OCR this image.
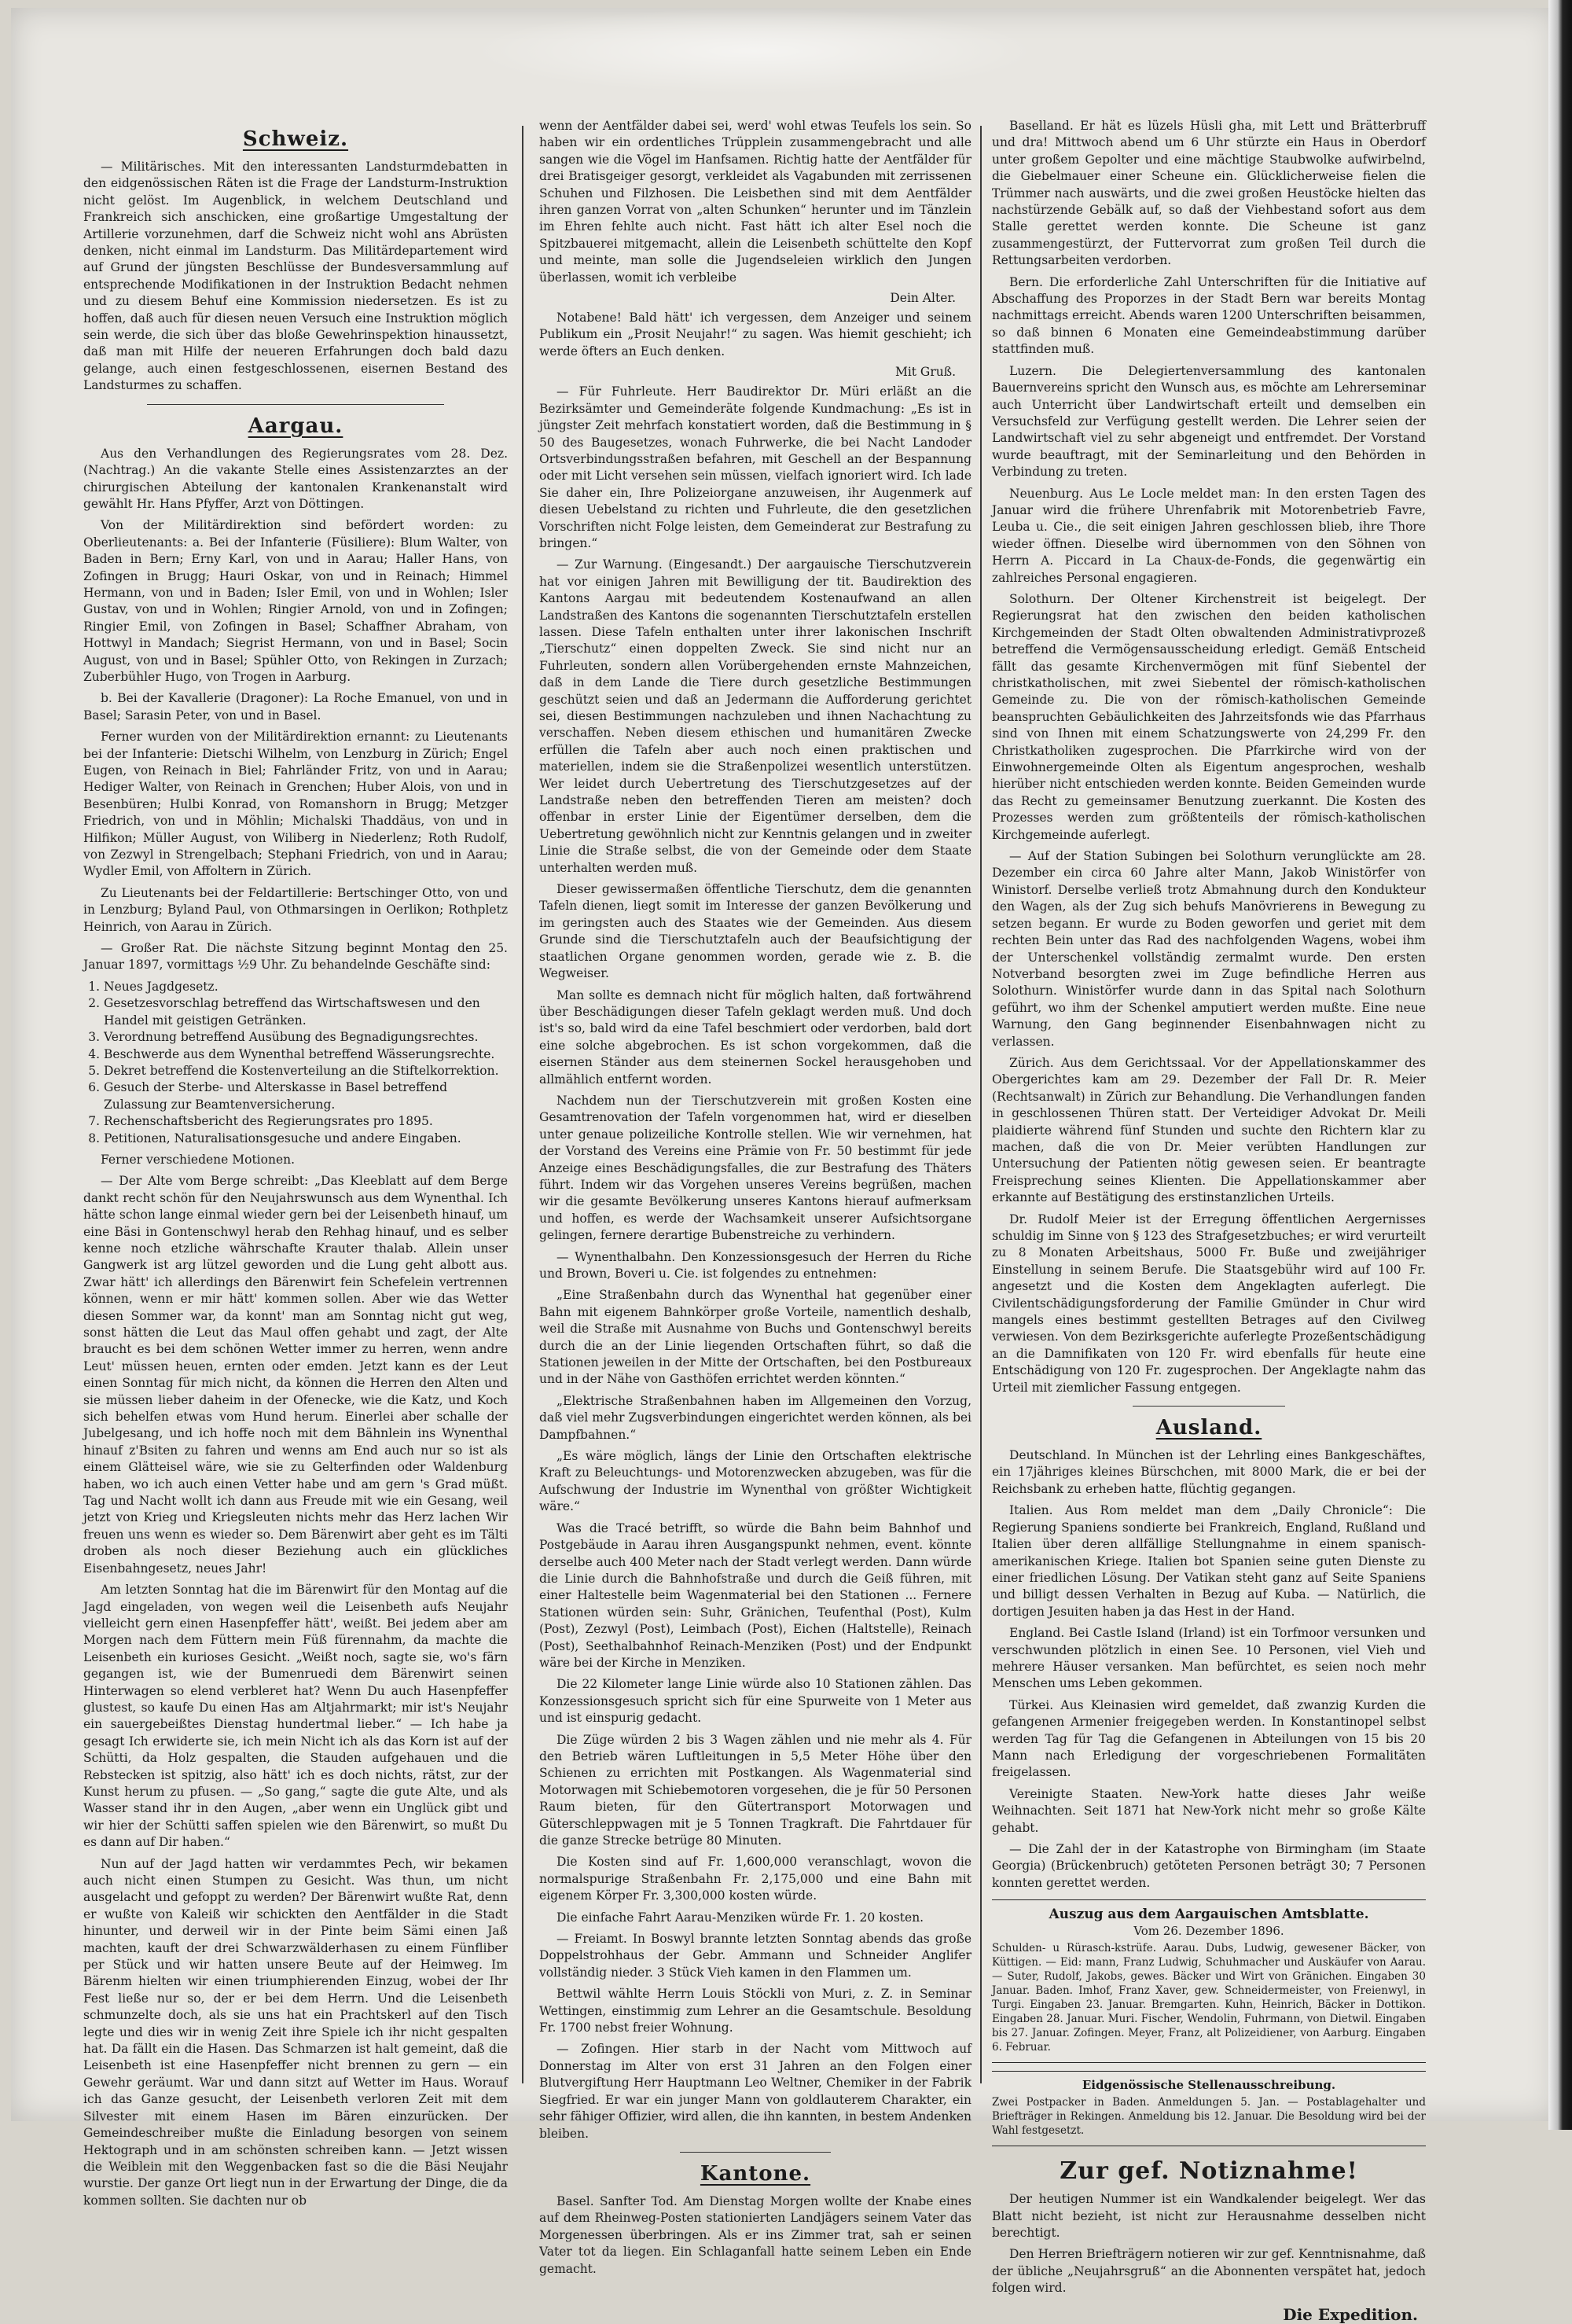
Schweiz.

— Militärisches. Mit den interessanten Landsturmdebatten in den eidgenössischen Räten ist die Frage der Landsturm-Instruktion nicht gelöst. Im Augenblick, in welchem Deutschland und Frankreich sich anschicken, eine großartige Umgestaltung der Artillerie vorzunehmen, darf die Schweiz nicht wohl ans Abrüsten denken, nicht einmal im Landsturm. Das Militärdepartement wird auf Grund der jüngsten Beschlüsse der Bundesversammlung auf entsprechende Modifikationen in der Instruktion Bedacht nehmen und zu diesem Behuf eine Kommission niedersetzen. Es ist zu hoffen, daß auch für diesen neuen Versuch eine Instruktion möglich sein werde, die sich über das bloße Gewehrinspektion hinaussetzt, daß man mit Hilfe der neueren Erfahrungen doch bald dazu gelange, auch einen festgeschlossenen, eisernen Bestand des Landsturmes zu schaffen.

Aargau.

Aus den Verhandlungen des Regierungsrates vom 28. Dez. (Nachtrag.) An die vakante Stelle eines Assistenzarztes an der chirurgischen Abteilung der kantonalen Krankenanstalt wird gewählt Hr. Hans Pfyffer, Arzt von Döttingen.

Von der Militärdirektion sind befördert worden: zu Oberlieutenants: a. Bei der Infanterie (Füsiliere): Blum Walter, von Baden in Bern; Erny Karl, von und in Aarau; Haller Hans, von Zofingen in Brugg; Hauri Oskar, von und in Reinach; Himmel Hermann, von und in Baden; Isler Emil, von und in Wohlen; Isler Gustav, von und in Wohlen; Ringier Arnold, von und in Zofingen; Ringier Emil, von Zofingen in Basel; Schaffner Abraham, von Hottwyl in Mandach; Siegrist Hermann, von und in Basel; Socin August, von und in Basel; Spühler Otto, von Rekingen in Zurzach; Zuberbühler Hugo, von Trogen in Aarburg.

b. Bei der Kavallerie (Dragoner): La Roche Emanuel, von und in Basel; Sarasin Peter, von und in Basel.

Ferner wurden von der Militärdirektion ernannt: zu Lieutenants bei der Infanterie: Dietschi Wilhelm, von Lenzburg in Zürich; Engel Eugen, von Reinach in Biel; Fahrländer Fritz, von und in Aarau; Hediger Walter, von Reinach in Grenchen; Huber Alois, von und in Besenbüren; Hulbi Konrad, von Romanshorn in Brugg; Metzger Friedrich, von und in Möhlin; Michalski Thaddäus, von und in Hilfikon; Müller August, von Wiliberg in Niederlenz; Roth Rudolf, von Zezwyl in Strengelbach; Stephani Friedrich, von und in Aarau; Wydler Emil, von Affoltern in Zürich.

Zu Lieutenants bei der Feldartillerie: Bertschinger Otto, von und in Lenzburg; Byland Paul, von Othmarsingen in Oerlikon; Rothpletz Heinrich, von Aarau in Zürich.

— Großer Rat. Die nächste Sitzung beginnt Montag den 25. Januar 1897, vormittags ½9 Uhr. Zu behandelnde Geschäfte sind:

1. Neues Jagdgesetz.
2. Gesetzesvorschlag betreffend das Wirtschaftswesen und den Handel mit geistigen Getränken.
3. Verordnung betreffend Ausübung des Begnadigungsrechtes.
4. Beschwerde aus dem Wynenthal betreffend Wässerungsrechte.
5. Dekret betreffend die Kostenverteilung an die Stiftelkorrektion.
6. Gesuch der Sterbe- und Alterskasse in Basel betreffend Zulassung zur Beamtenversicherung.
7. Rechenschaftsbericht des Regierungsrates pro 1895.
8. Petitionen, Naturalisationsgesuche und andere Eingaben.

Ferner verschiedene Motionen.

— Der Alte vom Berge schreibt: „Das Kleeblatt auf dem Berge dankt recht schön für den Neujahrswunsch aus dem Wynenthal. Ich hätte schon lange einmal wieder gern bei der Leisenbeth hinauf, um eine Bäsi in Gontenschwyl herab den Rehhag hinauf, und es selber kenne noch etzliche währschafte Krauter thalab. Allein unser Gangwerk ist arg lützel geworden und die Lung geht albott aus. Zwar hätt' ich allerdings den Bärenwirt fein Schefelein vertrennen können, wenn er mir hätt' kommen sollen. Aber wie das Wetter diesen Sommer war, da konnt' man am Sonntag nicht gut weg, sonst hätten die Leut das Maul offen gehabt und zagt, der Alte braucht es bei dem schönen Wetter immer zu herren, wenn andre Leut' müssen heuen, ernten oder emden. Jetzt kann es der Leut einen Sonntag für mich nicht, da können die Herren den Alten und sie müssen lieber daheim in der Ofenecke, wie die Katz, und Koch sich behelfen etwas vom Hund herum. Einerlei aber schalle der Jubelgesang, und ich hoffe noch mit dem Bähnlein ins Wynenthal hinauf z'Bsiten zu fahren und wenns am End auch nur so ist als einem Glätteisel wäre, wie sie zu Gelterfinden oder Waldenburg haben, wo ich auch einen Vetter habe und am gern 's Grad müßt. Tag und Nacht wollt ich dann aus Freude mit wie ein Gesang, weil jetzt von Krieg und Kriegsleuten nichts mehr das Herz lachen Wir freuen uns wenn es wieder so. Dem Bärenwirt aber geht es im Tälti droben als noch dieser Beziehung auch ein glückliches Eisenbahngesetz, neues Jahr!

Am letzten Sonntag hat die im Bärenwirt für den Montag auf die Jagd eingeladen, von wegen weil die Leisenbeth aufs Neujahr vielleicht gern einen Hasenpfeffer hätt', weißt. Bei jedem aber am Morgen nach dem Füttern mein Füß fürennahm, da machte die Leisenbeth ein kurioses Gesicht. „Weißt noch, sagte sie, wo's färn gegangen ist, wie der Bumenruedi dem Bärenwirt seinen Hinterwagen so elend verbleret hat? Wenn Du auch Hasenpfeffer glustest, so kaufe Du einen Has am Altjahrmarkt; mir ist's Neujahr ein sauergebeißtes Dienstag hundertmal lieber.“ — Ich habe ja gesagt Ich erwiderte sie, ich mein Nicht ich als das Korn ist auf der Schütti, da Holz gespalten, die Stauden aufgehauen und die Rebstecken ist spitzig, also hätt' ich es doch nichts, rätst, zur der Kunst herum zu pfusen. — „So gang,“ sagte die gute Alte, und als Wasser stand ihr in den Augen, „aber wenn ein Unglück gibt und wir hier der Schütti saffen spielen wie den Bärenwirt, so mußt Du es dann auf Dir haben.“

Nun auf der Jagd hatten wir verdammtes Pech, wir bekamen auch nicht einen Stumpen zu Gesicht. Was thun, um nicht ausgelacht und gefoppt zu werden? Der Bärenwirt wußte Rat, denn er wußte von Kaleiß wir schickten den Aentfälder in die Stadt hinunter, und derweil wir in der Pinte beim Sämi einen Jaß machten, kauft der drei Schwarzwälderhasen zu einem Fünfliber per Stück und wir hatten unsere Beute auf der Heimweg. Im Bärenm hielten wir einen triumphierenden Einzug, wobei der Ihr Fest ließe nur so, der er bei dem Herrn. Und die Leisenbeth schmunzelte doch, als sie uns hat ein Prachtskerl auf den Tisch legte und dies wir in wenig Zeit ihre Spiele ich ihr nicht gespalten hat. Da fällt ein die Hasen. Das Schmarzen ist halt gemeint, daß die Leisenbeth ist eine Hasenpfeffer nicht brennen zu gern — ein Gewehr geräumt. War und dann sitzt auf Wetter im Haus. Worauf ich das Ganze gesucht, der Leisenbeth verloren Zeit mit dem Silvester mit einem Hasen im Bären einzurücken. Der Gemeindeschreiber mußte die Einladung besorgen von seinem Hektograph und in am schönsten schreiben kann. — Jetzt wissen die Weiblein mit den Weggenbacken fast so die die Bäsi Neujahr wurstie. Der ganze Ort liegt nun in der Erwartung der Dinge, die da kommen sollten. Sie dachten nur ob

wenn der Aentfälder dabei sei, werd' wohl etwas Teufels los sein. So haben wir ein ordentliches Trüpplein zusammengebracht und alle sangen wie die Vögel im Hanfsamen. Richtig hatte der Aentfälder für drei Bratisgeiger gesorgt, verkleidet als Vagabunden mit zerrissenen Schuhen und Filzhosen. Die Leisbethen sind mit dem Aentfälder ihren ganzen Vorrat von „alten Schunken“ herunter und im Tänzlein im Ehren fehlte auch nicht. Fast hätt ich alter Esel noch die Spitzbauerei mitgemacht, allein die Leisenbeth schüttelte den Kopf und meinte, man solle die Jugendseleien wirklich den Jungen überlassen, womit ich verbleibe

Dein Alter.

Notabene! Bald hätt' ich vergessen, dem Anzeiger und seinem Publikum ein „Prosit Neujahr!“ zu sagen. Was hiemit geschieht; ich werde öfters an Euch denken.

Mit Gruß.

— Für Fuhrleute. Herr Baudirektor Dr. Müri erläßt an die Bezirksämter und Gemeinderäte folgende Kundmachung: „Es ist in jüngster Zeit mehrfach konstatiert worden, daß die Bestimmung in § 50 des Baugesetzes, wonach Fuhrwerke, die bei Nacht Landoder Ortsverbindungsstraßen befahren, mit Geschell an der Bespannung oder mit Licht versehen sein müssen, vielfach ignoriert wird. Ich lade Sie daher ein, Ihre Polizeiorgane anzuweisen, ihr Augenmerk auf diesen Uebelstand zu richten und Fuhrleute, die den gesetzlichen Vorschriften nicht Folge leisten, dem Gemeinderat zur Bestrafung zu bringen.“

— Zur Warnung. (Eingesandt.) Der aargauische Tierschutzverein hat vor einigen Jahren mit Bewilligung der tit. Baudirektion des Kantons Aargau mit bedeutendem Kostenaufwand an allen Landstraßen des Kantons die sogenannten Tierschutztafeln erstellen lassen. Diese Tafeln enthalten unter ihrer lakonischen Inschrift „Tierschutz“ einen doppelten Zweck. Sie sind nicht nur an Fuhrleuten, sondern allen Vorübergehenden ernste Mahnzeichen, daß in dem Lande die Tiere durch gesetzliche Bestimmungen geschützt seien und daß an Jedermann die Aufforderung gerichtet sei, diesen Bestimmungen nachzuleben und ihnen Nachachtung zu verschaffen. Neben diesem ethischen und humanitären Zwecke erfüllen die Tafeln aber auch noch einen praktischen und materiellen, indem sie die Straßenpolizei wesentlich unterstützen. Wer leidet durch Uebertretung des Tierschutzgesetzes auf der Landstraße neben den betreffenden Tieren am meisten? doch offenbar in erster Linie der Eigentümer derselben, dem die Uebertretung gewöhnlich nicht zur Kenntnis gelangen und in zweiter Linie die Straße selbst, die von der Gemeinde oder dem Staate unterhalten werden muß.

Dieser gewissermaßen öffentliche Tierschutz, dem die genannten Tafeln dienen, liegt somit im Interesse der ganzen Bevölkerung und im geringsten auch des Staates wie der Gemeinden. Aus diesem Grunde sind die Tierschutztafeln auch der Beaufsichtigung der staatlichen Organe genommen worden, gerade wie z. B. die Wegweiser.

Man sollte es demnach nicht für möglich halten, daß fortwährend über Beschädigungen dieser Tafeln geklagt werden muß. Und doch ist's so, bald wird da eine Tafel beschmiert oder verdorben, bald dort eine solche abgebrochen. Es ist schon vorgekommen, daß die eisernen Ständer aus dem steinernen Sockel herausgehoben und allmählich entfernt worden.

Nachdem nun der Tierschutzverein mit großen Kosten eine Gesamtrenovation der Tafeln vorgenommen hat, wird er dieselben unter genaue polizeiliche Kontrolle stellen. Wie wir vernehmen, hat der Vorstand des Vereins eine Prämie von Fr. 50 bestimmt für jede Anzeige eines Beschädigungsfalles, die zur Bestrafung des Thäters führt. Indem wir das Vorgehen unseres Vereins begrüßen, machen wir die gesamte Bevölkerung unseres Kantons hierauf aufmerksam und hoffen, es werde der Wachsamkeit unserer Aufsichtsorgane gelingen, fernere derartige Bubenstreiche zu verhindern.

— Wynenthalbahn. Den Konzessionsgesuch der Herren du Riche und Brown, Boveri u. Cie. ist folgendes zu entnehmen:

„Eine Straßenbahn durch das Wynenthal hat gegenüber einer Bahn mit eigenem Bahnkörper große Vorteile, namentlich deshalb, weil die Straße mit Ausnahme von Buchs und Gontenschwyl bereits durch die an der Linie liegenden Ortschaften führt, so daß die Stationen jeweilen in der Mitte der Ortschaften, bei den Postbureaux und in der Nähe von Gasthöfen errichtet werden könnten.“

„Elektrische Straßenbahnen haben im Allgemeinen den Vorzug, daß viel mehr Zugsverbindungen eingerichtet werden können, als bei Dampfbahnen.“

„Es wäre möglich, längs der Linie den Ortschaften elektrische Kraft zu Beleuchtungs- und Motorenzwecken abzugeben, was für die Aufschwung der Industrie im Wynenthal von größter Wichtigkeit wäre.“

Was die Tracé betrifft, so würde die Bahn beim Bahnhof und Postgebäude in Aarau ihren Ausgangspunkt nehmen, event. könnte derselbe auch 400 Meter nach der Stadt verlegt werden. Dann würde die Linie durch die Bahnhofstraße und durch die Geiß führen, mit einer Haltestelle beim Wagenmaterial bei den Stationen ... Fernere Stationen würden sein: Suhr, Gränichen, Teufenthal (Post), Kulm (Post), Zezwyl (Post), Leimbach (Post), Eichen (Haltstelle), Reinach (Post), Seethalbahnhof Reinach-Menziken (Post) und der Endpunkt wäre bei der Kirche in Menziken.

Die 22 Kilometer lange Linie würde also 10 Stationen zählen. Das Konzessionsgesuch spricht sich für eine Spurweite von 1 Meter aus und ist einspurig gedacht.

Die Züge würden 2 bis 3 Wagen zählen und nie mehr als 4. Für den Betrieb wären Luftleitungen in 5,5 Meter Höhe über den Schienen zu errichten mit Postkangen. Als Wagenmaterial sind Motorwagen mit Schiebemotoren vorgesehen, die je für 50 Personen Raum bieten, für den Gütertransport Motorwagen und Güterschleppwagen mit je 5 Tonnen Tragkraft. Die Fahrtdauer für die ganze Strecke betrüge 80 Minuten.

Die Kosten sind auf Fr. 1,600,000 veranschlagt, wovon die normalspurige Straßenbahn Fr. 2,175,000 und eine Bahn mit eigenem Körper Fr. 3,300,000 kosten würde.

Die einfache Fahrt Aarau-Menziken würde Fr. 1. 20 kosten.

— Freiamt. In Boswyl brannte letzten Sonntag abends das große Doppelstrohhaus der Gebr. Ammann und Schneider Anglifer vollständig nieder. 3 Stück Vieh kamen in den Flammen um.

Bettwil wählte Herrn Louis Stöckli von Muri, z. Z. in Seminar Wettingen, einstimmig zum Lehrer an die Gesamtschule. Besoldung Fr. 1700 nebst freier Wohnung.

— Zofingen. Hier starb in der Nacht vom Mittwoch auf Donnerstag im Alter von erst 31 Jahren an den Folgen einer Blutvergiftung Herr Hauptmann Leo Weltner, Chemiker in der Fabrik Siegfried. Er war ein junger Mann von goldlauterem Charakter, ein sehr fähiger Offizier, wird allen, die ihn kannten, in bestem Andenken bleiben.

Kantone.

Basel. Sanfter Tod. Am Dienstag Morgen wollte der Knabe eines auf dem Rheinweg-Posten stationierten Landjägers seinem Vater das Morgenessen überbringen. Als er ins Zimmer trat, sah er seinen Vater tot da liegen. Ein Schlaganfall hatte seinem Leben ein Ende gemacht.

Baselland. Er hät es lüzels Hüsli gha, mit Lett und Brätterbruff und dra! Mittwoch abend um 6 Uhr stürzte ein Haus in Oberdorf unter großem Gepolter und eine mächtige Staubwolke aufwirbelnd, die Giebelmauer einer Scheune ein. Glücklicherweise fielen die Trümmer nach auswärts, und die zwei großen Heustöcke hielten das nachstürzende Gebälk auf, so daß der Viehbestand sofort aus dem Stalle gerettet werden konnte. Die Scheune ist ganz zusammengestürzt, der Futtervorrat zum großen Teil durch die Rettungsarbeiten verdorben.

Bern. Die erforderliche Zahl Unterschriften für die Initiative auf Abschaffung des Proporzes in der Stadt Bern war bereits Montag nachmittags erreicht. Abends waren 1200 Unterschriften beisammen, so daß binnen 6 Monaten eine Gemeindeabstimmung darüber stattfinden muß.

Luzern. Die Delegiertenversammlung des kantonalen Bauernvereins spricht den Wunsch aus, es möchte am Lehrerseminar auch Unterricht über Landwirtschaft erteilt und demselben ein Versuchsfeld zur Verfügung gestellt werden. Die Lehrer seien der Landwirtschaft viel zu sehr abgeneigt und entfremdet. Der Vorstand wurde beauftragt, mit der Seminarleitung und den Behörden in Verbindung zu treten.

Neuenburg. Aus Le Locle meldet man: In den ersten Tagen des Januar wird die frühere Uhrenfabrik mit Motorenbetrieb Favre, Leuba u. Cie., die seit einigen Jahren geschlossen blieb, ihre Thore wieder öffnen. Dieselbe wird übernommen von den Söhnen von Herrn A. Piccard in La Chaux-de-Fonds, die gegenwärtig ein zahlreiches Personal engagieren.

Solothurn. Der Oltener Kirchenstreit ist beigelegt. Der Regierungsrat hat den zwischen den beiden katholischen Kirchgemeinden der Stadt Olten obwaltenden Administrativprozeß betreffend die Vermögensausscheidung erledigt. Gemäß Entscheid fällt das gesamte Kirchenvermögen mit fünf Siebentel der christkatholischen, mit zwei Siebentel der römisch-katholischen Gemeinde zu. Die von der römisch-katholischen Gemeinde beanspruchten Gebäulichkeiten des Jahrzeitsfonds wie das Pfarrhaus sind von Ihnen mit einem Schatzungswerte von 24,299 Fr. den Christkatholiken zugesprochen. Die Pfarrkirche wird von der Einwohnergemeinde Olten als Eigentum angesprochen, weshalb hierüber nicht entschieden werden konnte. Beiden Gemeinden wurde das Recht zu gemeinsamer Benutzung zuerkannt. Die Kosten des Prozesses werden zum größtenteils der römisch-katholischen Kirchgemeinde auferlegt.

— Auf der Station Subingen bei Solothurn verunglückte am 28. Dezember ein circa 60 Jahre alter Mann, Jakob Winistörfer von Winistorf. Derselbe verließ trotz Abmahnung durch den Kondukteur den Wagen, als der Zug sich behufs Manövrierens in Bewegung zu setzen begann. Er wurde zu Boden geworfen und geriet mit dem rechten Bein unter das Rad des nachfolgenden Wagens, wobei ihm der Unterschenkel vollständig zermalmt wurde. Den ersten Notverband besorgten zwei im Zuge befindliche Herren aus Solothurn. Winistörfer wurde dann in das Spital nach Solothurn geführt, wo ihm der Schenkel amputiert werden mußte. Eine neue Warnung, den Gang beginnender Eisenbahnwagen nicht zu verlassen.

Zürich. Aus dem Gerichtssaal. Vor der Appellationskammer des Obergerichtes kam am 29. Dezember der Fall Dr. R. Meier (Rechtsanwalt) in Zürich zur Behandlung. Die Verhandlungen fanden in geschlossenen Thüren statt. Der Verteidiger Advokat Dr. Meili plaidierte während fünf Stunden und suchte den Richtern klar zu machen, daß die von Dr. Meier verübten Handlungen zur Untersuchung der Patienten nötig gewesen seien. Er beantragte Freisprechung seines Klienten. Die Appellationskammer aber erkannte auf Bestätigung des erstinstanzlichen Urteils.

Dr. Rudolf Meier ist der Erregung öffentlichen Aergernisses schuldig im Sinne von § 123 des Strafgesetzbuches; er wird verurteilt zu 8 Monaten Arbeitshaus, 5000 Fr. Buße und zweijähriger Einstellung in seinem Berufe. Die Staatsgebühr wird auf 100 Fr. angesetzt und die Kosten dem Angeklagten auferlegt. Die Civilentschädigungsforderung der Familie Gmünder in Chur wird mangels eines bestimmt gestellten Betrages auf den Civilweg verwiesen. Von dem Bezirksgerichte auferlegte Prozeßentschädigung an die Damnifikaten von 120 Fr. wird ebenfalls für heute eine Entschädigung von 120 Fr. zugesprochen. Der Angeklagte nahm das Urteil mit ziemlicher Fassung entgegen.

Ausland.

Deutschland. In München ist der Lehrling eines Bankgeschäftes, ein 17jähriges kleines Bürschchen, mit 8000 Mark, die er bei der Reichsbank zu erheben hatte, flüchtig gegangen.

Italien. Aus Rom meldet man dem „Daily Chronicle“: Die Regierung Spaniens sondierte bei Frankreich, England, Rußland und Italien über deren allfällige Stellungnahme in einem spanisch-amerikanischen Kriege. Italien bot Spanien seine guten Dienste zu einer friedlichen Lösung. Der Vatikan steht ganz auf Seite Spaniens und billigt dessen Verhalten in Bezug auf Kuba. — Natürlich, die dortigen Jesuiten haben ja das Hest in der Hand.

England. Bei Castle Island (Irland) ist ein Torfmoor versunken und verschwunden plötzlich in einen See. 10 Personen, viel Vieh und mehrere Häuser versanken. Man befürchtet, es seien noch mehr Menschen ums Leben gekommen.

Türkei. Aus Kleinasien wird gemeldet, daß zwanzig Kurden die gefangenen Armenier freigegeben werden. In Konstantinopel selbst werden Tag für Tag die Gefangenen in Abteilungen von 15 bis 20 Mann nach Erledigung der vorgeschriebenen Formalitäten freigelassen.

Vereinigte Staaten. New-York hatte dieses Jahr weiße Weihnachten. Seit 1871 hat New-York nicht mehr so große Kälte gehabt.

— Die Zahl der in der Katastrophe von Birmingham (im Staate Georgia) (Brückenbruch) getöteten Personen beträgt 30; 7 Personen konnten gerettet werden.

Auszug aus dem Aargauischen Amtsblatte.
Vom 26. Dezember 1896.

Schulden- u Rürasch-kstrüfe. Aarau. Dubs, Ludwig, gewesener Bäcker, von Küttigen. — Eid: mann, Franz Ludwig, Schuhmacher und Auskäufer von Aarau. — Suter, Rudolf, Jakobs, gewes. Bäcker und Wirt von Gränichen. Eingaben 30 Januar. Baden. Imhof, Franz Xaver, gew. Schneidermeister, von Freienwyl, in Turgi. Eingaben 23. Januar. Bremgarten. Kuhn, Heinrich, Bäcker in Dottikon. Eingaben 28. Januar. Muri. Fischer, Wendolin, Fuhrmann, von Dietwil. Eingaben bis 27. Januar. Zofingen. Meyer, Franz, alt Polizeidiener, von Aarburg. Eingaben 6. Februar.

Eidgenössische Stellenausschreibung.

Zwei Postpacker in Baden. Anmeldungen 5. Jan. — Postablagehalter und Briefträger in Rekingen. Anmeldung bis 12. Januar. Die Besoldung wird bei der Wahl festgesetzt.

Zur gef. Notiznahme!

Der heutigen Nummer ist ein Wandkalender beigelegt. Wer das Blatt nicht bezieht, ist nicht zur Herausnahme desselben nicht berechtigt.

Den Herren Briefträgern notieren wir zur gef. Kenntnisnahme, daß der übliche „Neujahrsgruß“ an die Abonnenten verspätet hat, jedoch folgen wird.

Die Expedition.
